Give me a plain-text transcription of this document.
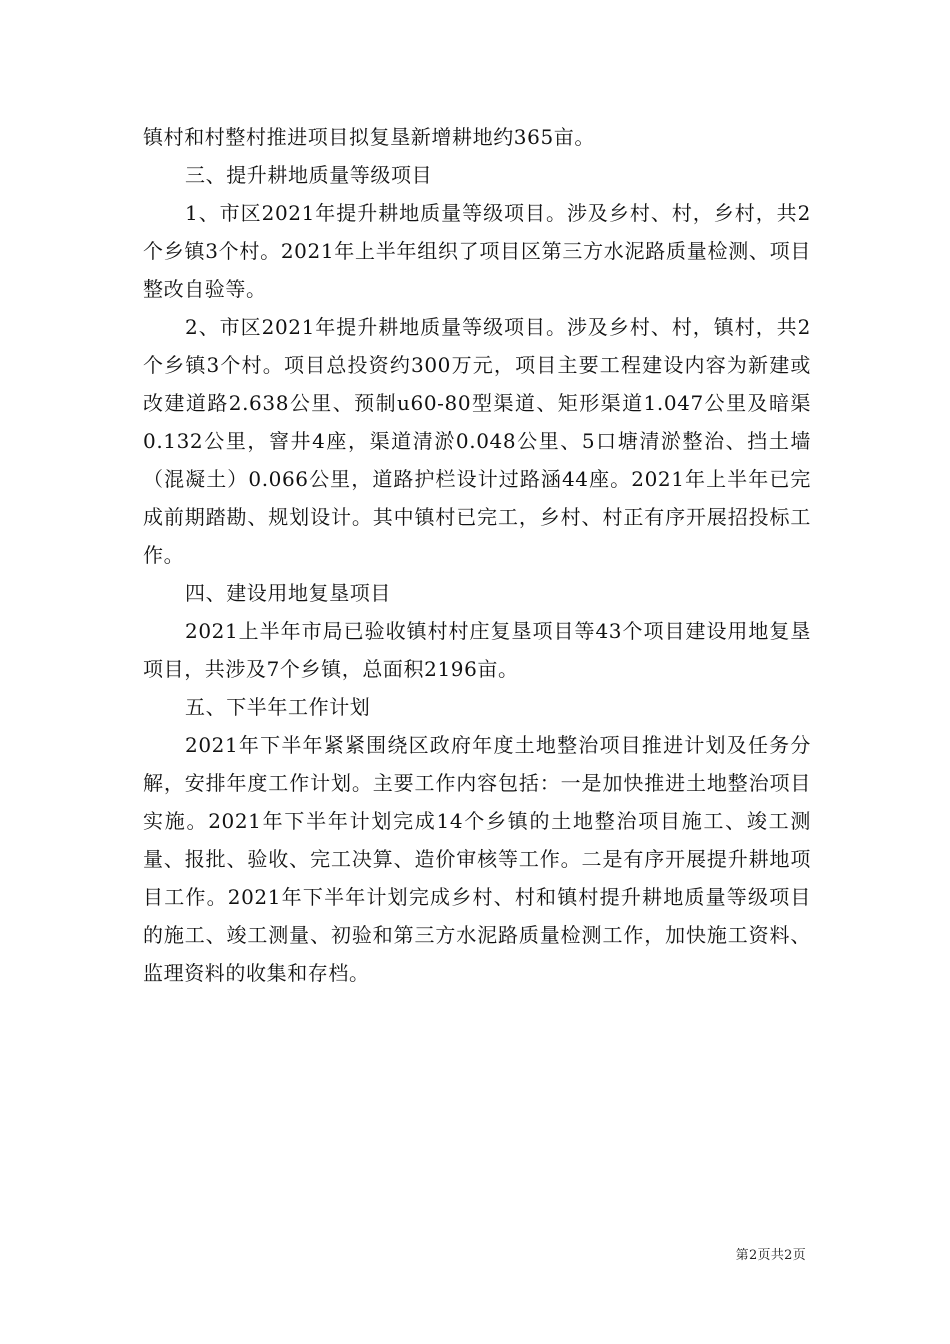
镇村和村整村推进项目拟复垦新增耕地约365亩。

三、提升耕地质量等级项目

1、市区2021年提升耕地质量等级项目。涉及乡村、村，乡村，共2个乡镇3个村。2021年上半年组织了项目区第三方水泥路质量检测、项目整改自验等。

2、市区2021年提升耕地质量等级项目。涉及乡村、村，镇村，共2个乡镇3个村。项目总投资约300万元，项目主要工程建设内容为新建或改建道路2.638公里、预制u60-80型渠道、矩形渠道1.047公里及暗渠0.132公里，窨井4座，渠道清淤0.048公里、5口塘清淤整治、挡土墙（混凝土）0.066公里，道路护栏设计过路涵44座。2021年上半年已完成前期踏勘、规划设计。其中镇村已完工，乡村、村正有序开展招投标工作。

四、建设用地复垦项目

2021上半年市局已验收镇村村庄复垦项目等43个项目建设用地复垦项目，共涉及7个乡镇，总面积2196亩。

五、下半年工作计划

2021年下半年紧紧围绕区政府年度土地整治项目推进计划及任务分解，安排年度工作计划。主要工作内容包括：一是加快推进土地整治项目实施。2021年下半年计划完成14个乡镇的土地整治项目施工、竣工测量、报批、验收、完工决算、造价审核等工作。二是有序开展提升耕地项目工作。2021年下半年计划完成乡村、村和镇村提升耕地质量等级项目的施工、竣工测量、初验和第三方水泥路质量检测工作，加快施工资料、监理资料的收集和存档。

第2页共2页
